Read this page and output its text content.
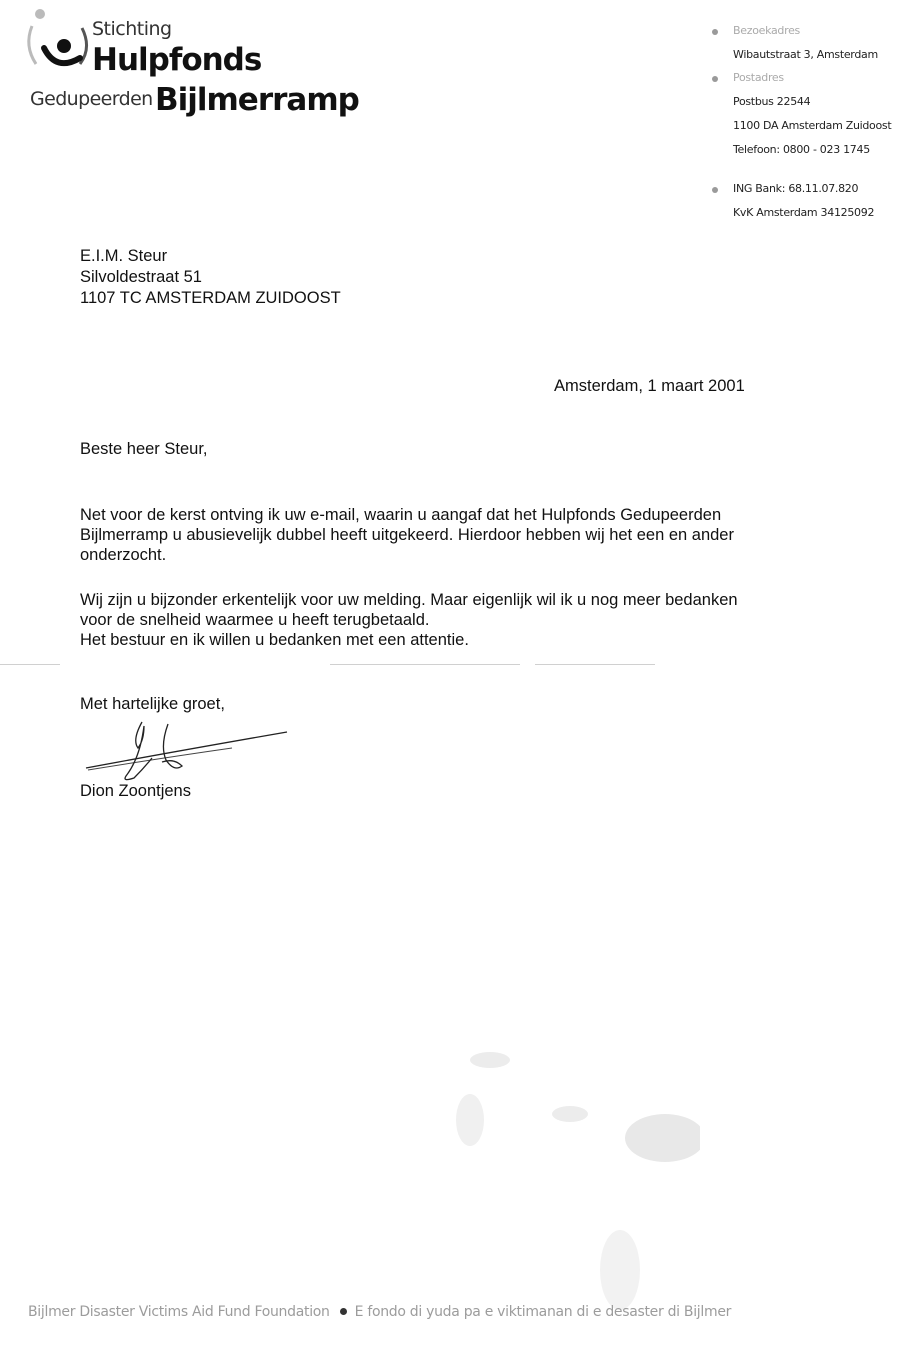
Stichting
Hulpfonds
Gedupeerden Bijlmerramp
Bezoekadres
Wibautstraat 3, Amsterdam
Postadres
Postbus 22544
1100 DA Amsterdam Zuidoost
Telefoon: 0800 - 023 1745
ING Bank: 68.11.07.820
KvK Amsterdam 34125092
E.I.M. Steur
Silvoldestraat 51
1107 TC AMSTERDAM ZUIDOOST
Amsterdam, 1 maart 2001
Beste heer Steur,
Net voor de kerst ontving ik uw e-mail, waarin u aangaf dat het Hulpfonds Gedupeerden
Bijlmerramp u abusievelijk dubbel heeft uitgekeerd. Hierdoor hebben wij het een en ander
onderzocht.
Wij zijn u bijzonder erkentelijk voor uw melding. Maar eigenlijk wil ik u nog meer bedanken
voor de snelheid waarmee u heeft terugbetaald.
Het bestuur en ik willen u bedanken met een attentie.
Met hartelijke groet,
Dion Zoontjens
Bijlmer Disaster Victims Aid Fund Foundation E fondo di yuda pa e viktimanan di e desaster di Bijlmer
